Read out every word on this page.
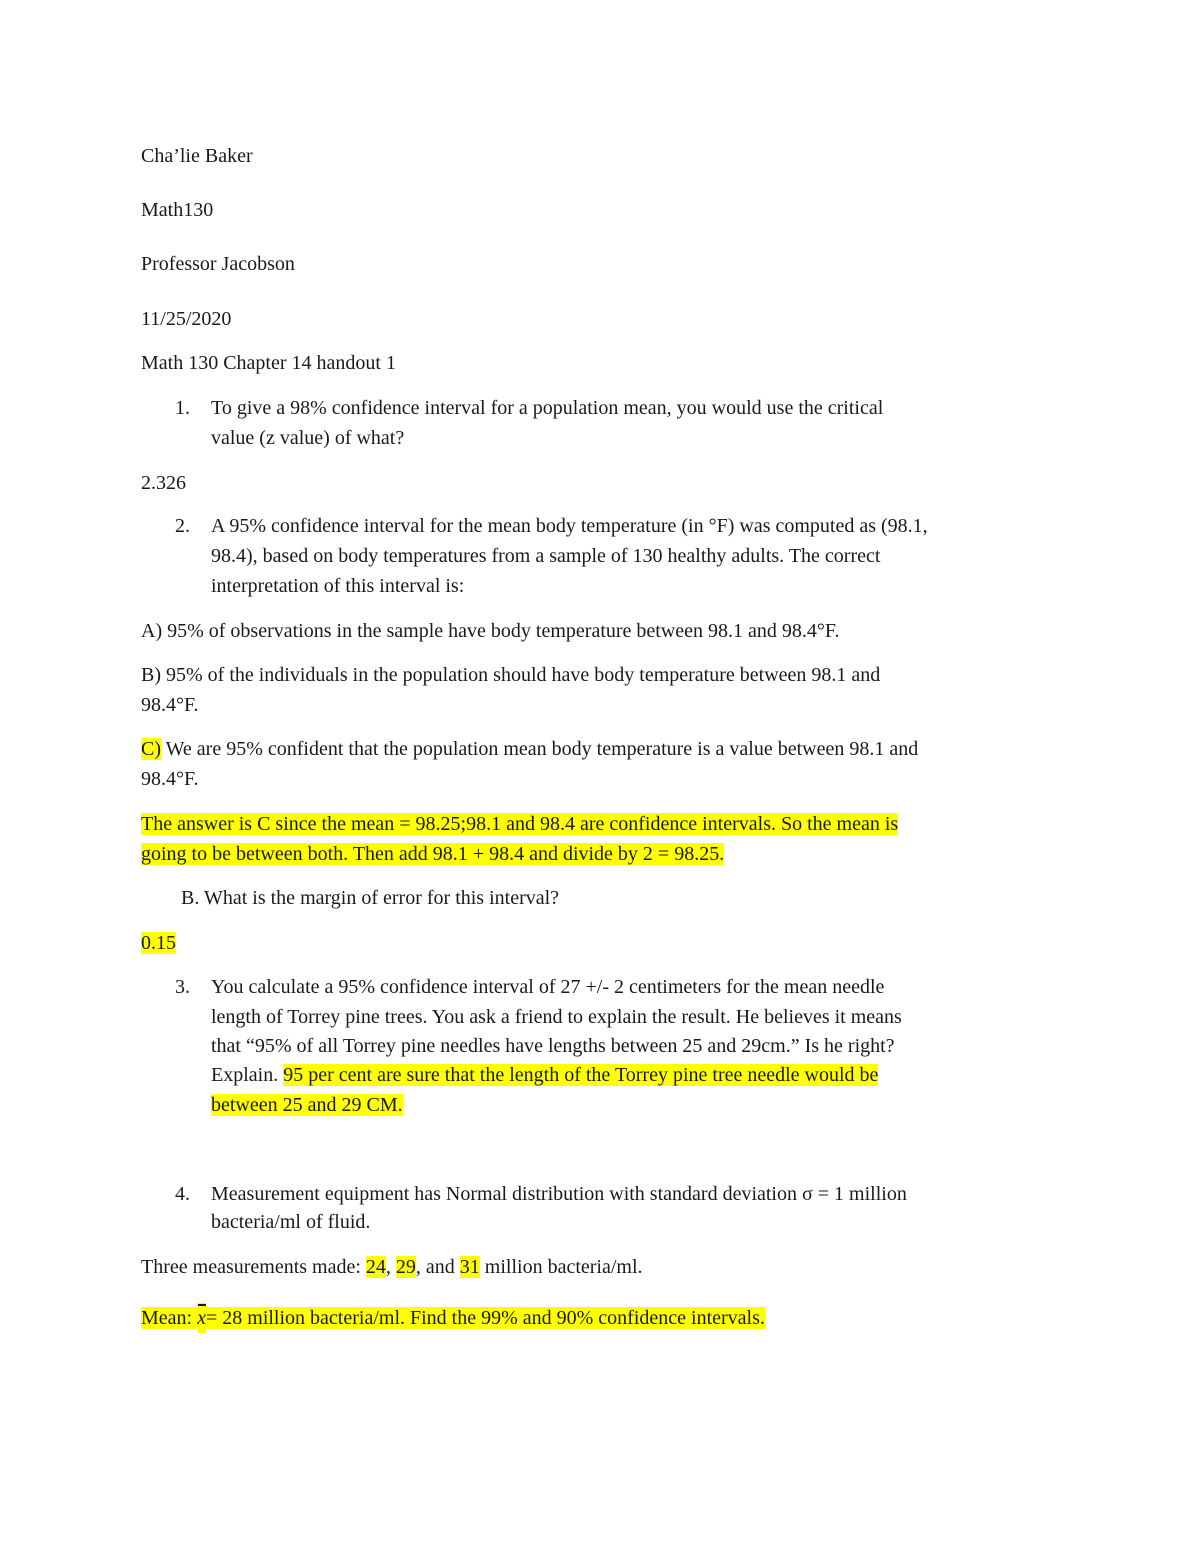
Cha’lie Baker
Math130
Professor Jacobson
11/25/2020
Math 130 Chapter 14 handout 1
1. To give a 98% confidence interval for a population mean, you would use the critical
value (z value) of what?
2.326
2. A 95% confidence interval for the mean body temperature (in °F) was computed as (98.1,
98.4), based on body temperatures from a sample of 130 healthy adults. The correct
interpretation of this interval is:
A) 95% of observations in the sample have body temperature between 98.1 and 98.4°F.
B) 95% of the individuals in the population should have body temperature between 98.1 and
98.4°F.
C) We are 95% confident that the population mean body temperature is a value between 98.1 and
98.4°F.
The answer is C since the mean = 98.25;98.1 and 98.4 are confidence intervals. So the mean is
going to be between both. Then add 98.1 + 98.4 and divide by 2 = 98.25.
B. What is the margin of error for this interval?
0.15
3. You calculate a 95% confidence interval of 27 +/- 2 centimeters for the mean needle
length of Torrey pine trees. You ask a friend to explain the result. He believes it means
that “95% of all Torrey pine needles have lengths between 25 and 29cm.” Is he right?
Explain. 95 per cent are sure that the length of the Torrey pine tree needle would be
between 25 and 29 CM.
4. Measurement equipment has Normal distribution with standard deviation σ = 1 million
bacteria/ml of fluid.
Three measurements made: 24, 29, and 31 million bacteria/ml.
Mean: x= 28 million bacteria/ml. Find the 99% and 90% confidence intervals.
